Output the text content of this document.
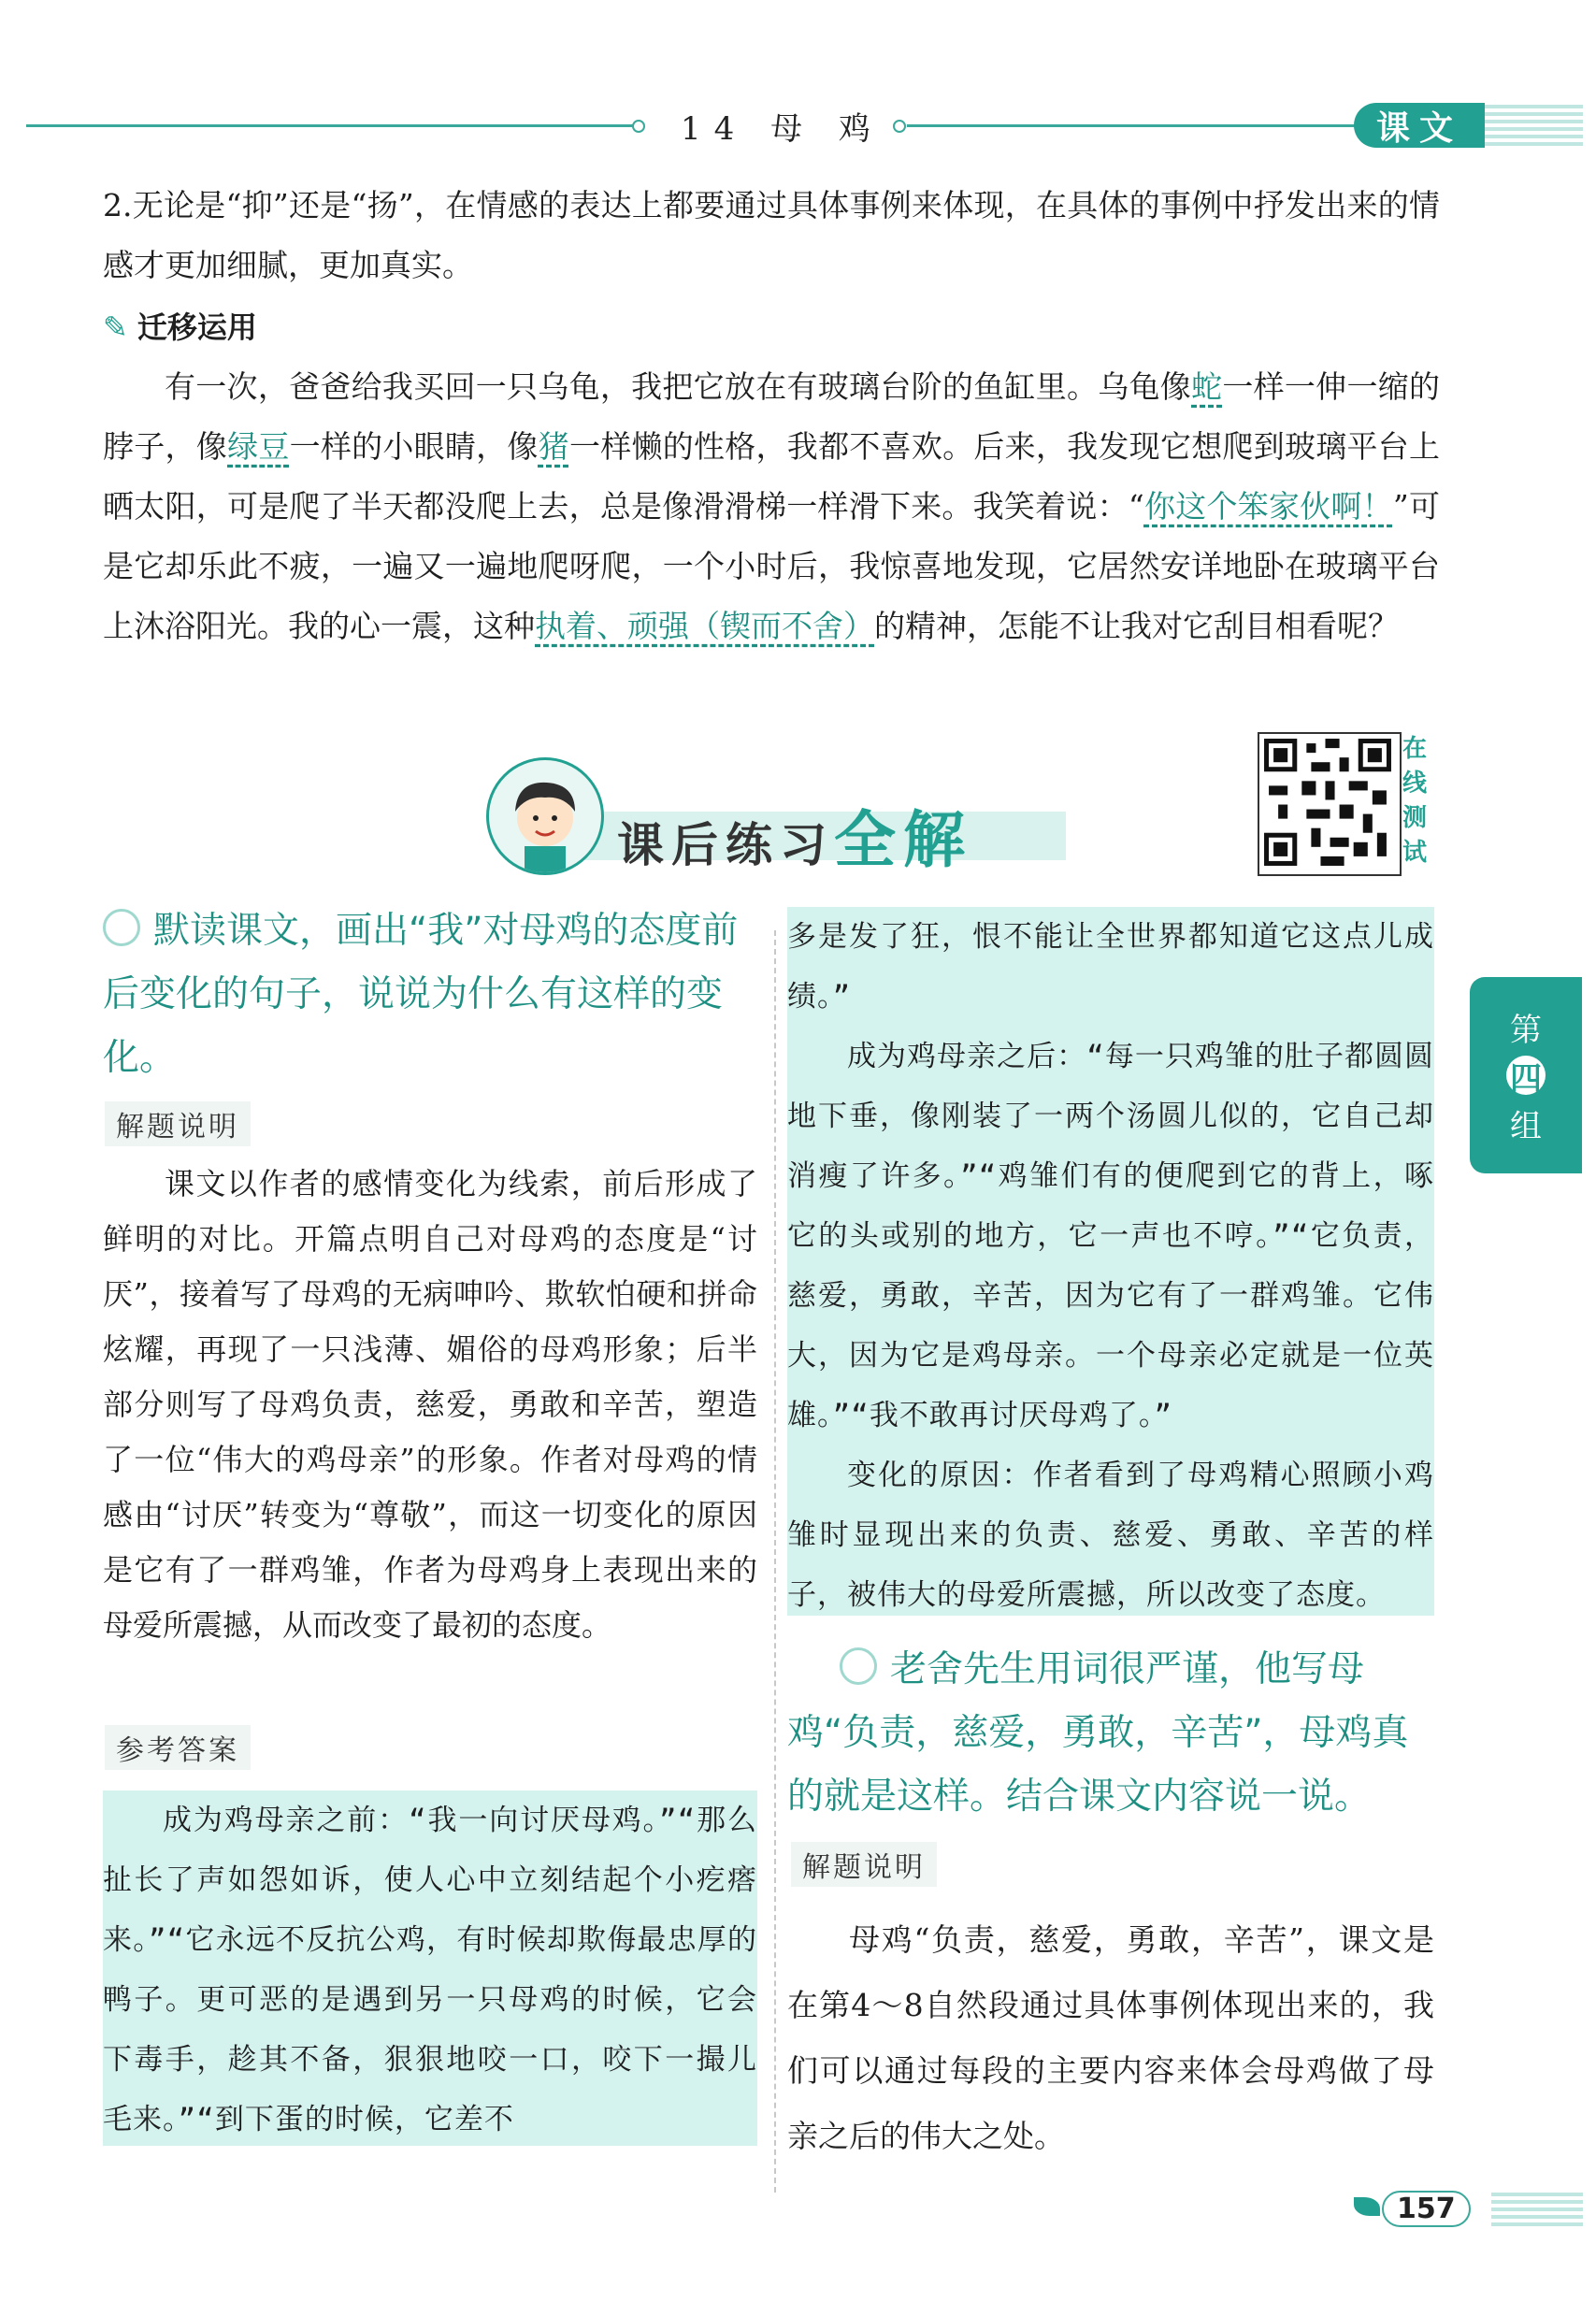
14 母 鸡	课文

2.无论是“抑”还是“扬”，在情感的表达上都要通过具体事例来体现，在具体的事例中抒发出来的情感才更加细腻，更加真实。

✎ 迁移运用

有一次，爸爸给我买回一只乌龟，我把它放在有玻璃台阶的鱼缸里。乌龟像蛇一样一伸一缩的脖子，像绿豆一样的小眼睛，像猪一样懒的性格，我都不喜欢。后来，我发现它想爬到玻璃平台上晒太阳，可是爬了半天都没爬上去，总是像滑滑梯一样滑下来。我笑着说：“你这个笨家伙啊！”可是它却乐此不疲，一遍又一遍地爬呀爬，一个小时后，我惊喜地发现，它居然安详地卧在玻璃平台上沐浴阳光。我的心一震，这种执着、顽强（锲而不舍）的精神，怎能不让我对它刮目相看呢？

课后练习全解
在线测试
第
四
组

默读课文，画出“我”对母鸡的态度前后变化的句子，说说为什么有这样的变化。

解题说明

课文以作者的感情变化为线索，前后形成了鲜明的对比。开篇点明自己对母鸡的态度是“讨厌”，接着写了母鸡的无病呻吟、欺软怕硬和拼命炫耀，再现了一只浅薄、媚俗的母鸡形象；后半部分则写了母鸡负责，慈爱，勇敢和辛苦，塑造了一位“伟大的鸡母亲”的形象。作者对母鸡的情感由“讨厌”转变为“尊敬”，而这一切变化的原因是它有了一群鸡雏，作者为母鸡身上表现出来的母爱所震撼，从而改变了最初的态度。

参考答案

成为鸡母亲之前：“我一向讨厌母鸡。”“那么扯长了声如怨如诉，使人心中立刻结起个小疙瘩来。”“它永远不反抗公鸡，有时候却欺侮最忠厚的鸭子。更可恶的是遇到另一只母鸡的时候，它会下毒手，趁其不备，狠狠地咬一口，咬下一撮儿毛来。”“到下蛋的时候，它差不

多是发了狂，恨不能让全世界都知道它这点儿成绩。”

成为鸡母亲之后：“每一只鸡雏的肚子都圆圆地下垂，像刚装了一两个汤圆儿似的，它自己却消瘦了许多。”“鸡雏们有的便爬到它的背上，啄它的头或别的地方，它一声也不哼。”“它负责，慈爱，勇敢，辛苦，因为它有了一群鸡雏。它伟大，因为它是鸡母亲。一个母亲必定就是一位英雄。”“我不敢再讨厌母鸡了。”

变化的原因：作者看到了母鸡精心照顾小鸡雏时显现出来的负责、慈爱、勇敢、辛苦的样子，被伟大的母爱所震撼，所以改变了态度。

老舍先生用词很严谨，他写母鸡“负责，慈爱，勇敢，辛苦”，母鸡真的就是这样。结合课文内容说一说。

解题说明

母鸡“负责，慈爱，勇敢，辛苦”，课文是在第4～8自然段通过具体事例体现出来的，我们可以通过每段的主要内容来体会母鸡做了母亲之后的伟大之处。

157
